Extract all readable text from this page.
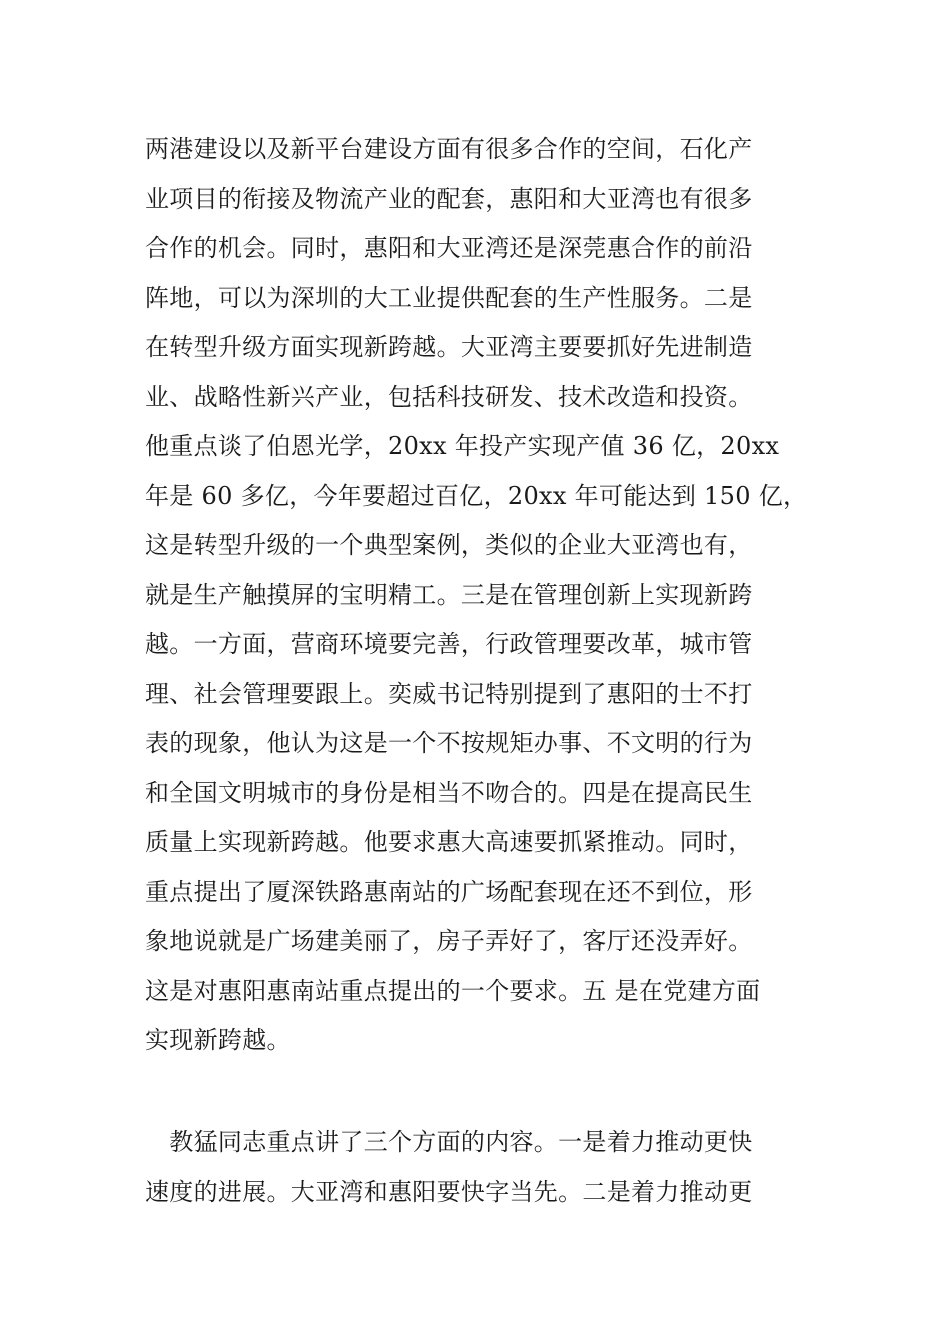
两港建设以及新平台建设方面有很多合作的空间，石化产
业项目的衔接及物流产业的配套，惠阳和大亚湾也有很多
合作的机会。同时，惠阳和大亚湾还是深莞惠合作的前沿
阵地，可以为深圳的大工业提供配套的生产性服务。二是
在转型升级方面实现新跨越。大亚湾主要要抓好先进制造
业、战略性新兴产业，包括科技研发、技术改造和投资。
他重点谈了伯恩光学，20xx 年投产实现产值 36 亿，20xx
年是 60 多亿，今年要超过百亿，20xx 年可能达到 150 亿，
这是转型升级的一个典型案例，类似的企业大亚湾也有，
就是生产触摸屏的宝明精工。三是在管理创新上实现新跨
越。一方面，营商环境要完善，行政管理要改革，城市管
理、社会管理要跟上。奕威书记特别提到了惠阳的士不打
表的现象，他认为这是一个不按规矩办事、不文明的行为
和全国文明城市的身份是相当不吻合的。四是在提高民生
质量上实现新跨越。他要求惠大高速要抓紧推动。同时，
重点提出了厦深铁路惠南站的广场配套现在还不到位，形
象地说就是广场建美丽了，房子弄好了，客厅还没弄好。
这是对惠阳惠南站重点提出的一个要求。五 是在党建方面
实现新跨越。
　教猛同志重点讲了三个方面的内容。一是着力推动更快
速度的进展。大亚湾和惠阳要快字当先。二是着力推动更
